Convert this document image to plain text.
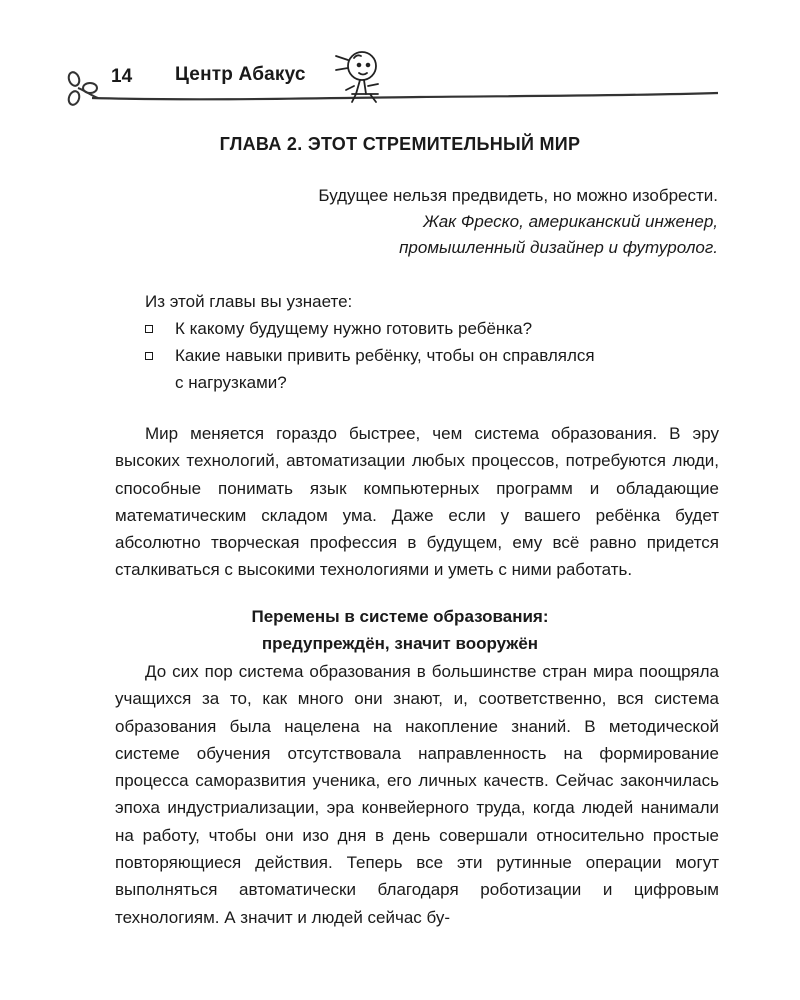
14 Центр Абакус
ГЛАВА 2. ЭТОТ СТРЕМИТЕЛЬНЫЙ МИР
Будущее нельзя предвидеть, но можно изобрести.
Жак Фреско, американский инженер,
промышленный дизайнер и футуролог.
Из этой главы вы узнаете:
К какому будущему нужно готовить ребёнка?
Какие навыки привить ребёнку, чтобы он справлялся
с нагрузками?

Мир меняется гораздо быстрее, чем система образования. В эру высоких технологий, автоматизации любых процессов, потребуются люди, способные понимать язык компьютерных программ и обладающие математическим складом ума. Даже если у вашего ребёнка будет абсолютно творческая профессия в будущем, ему всё равно придется сталкиваться с высокими технологиями и уметь с ними работать.

Перемены в системе образования:
предупреждён, значит вооружён

До сих пор система образования в большинстве стран мира поощряла учащихся за то, как много они знают, и, соответственно, вся система образования была нацелена на накопление знаний. В методической системе обучения отсутствовала направленность на формирование процесса саморазвития ученика, его личных качеств. Сейчас закончилась эпоха индустриализации, эра конвейерного труда, когда людей нанимали на работу, чтобы они изо дня в день совершали относительно простые повторяющиеся действия. Теперь все эти рутинные операции могут выполняться автоматически благодаря роботизации и цифровым технологиям. А значит и людей сейчас бу-
